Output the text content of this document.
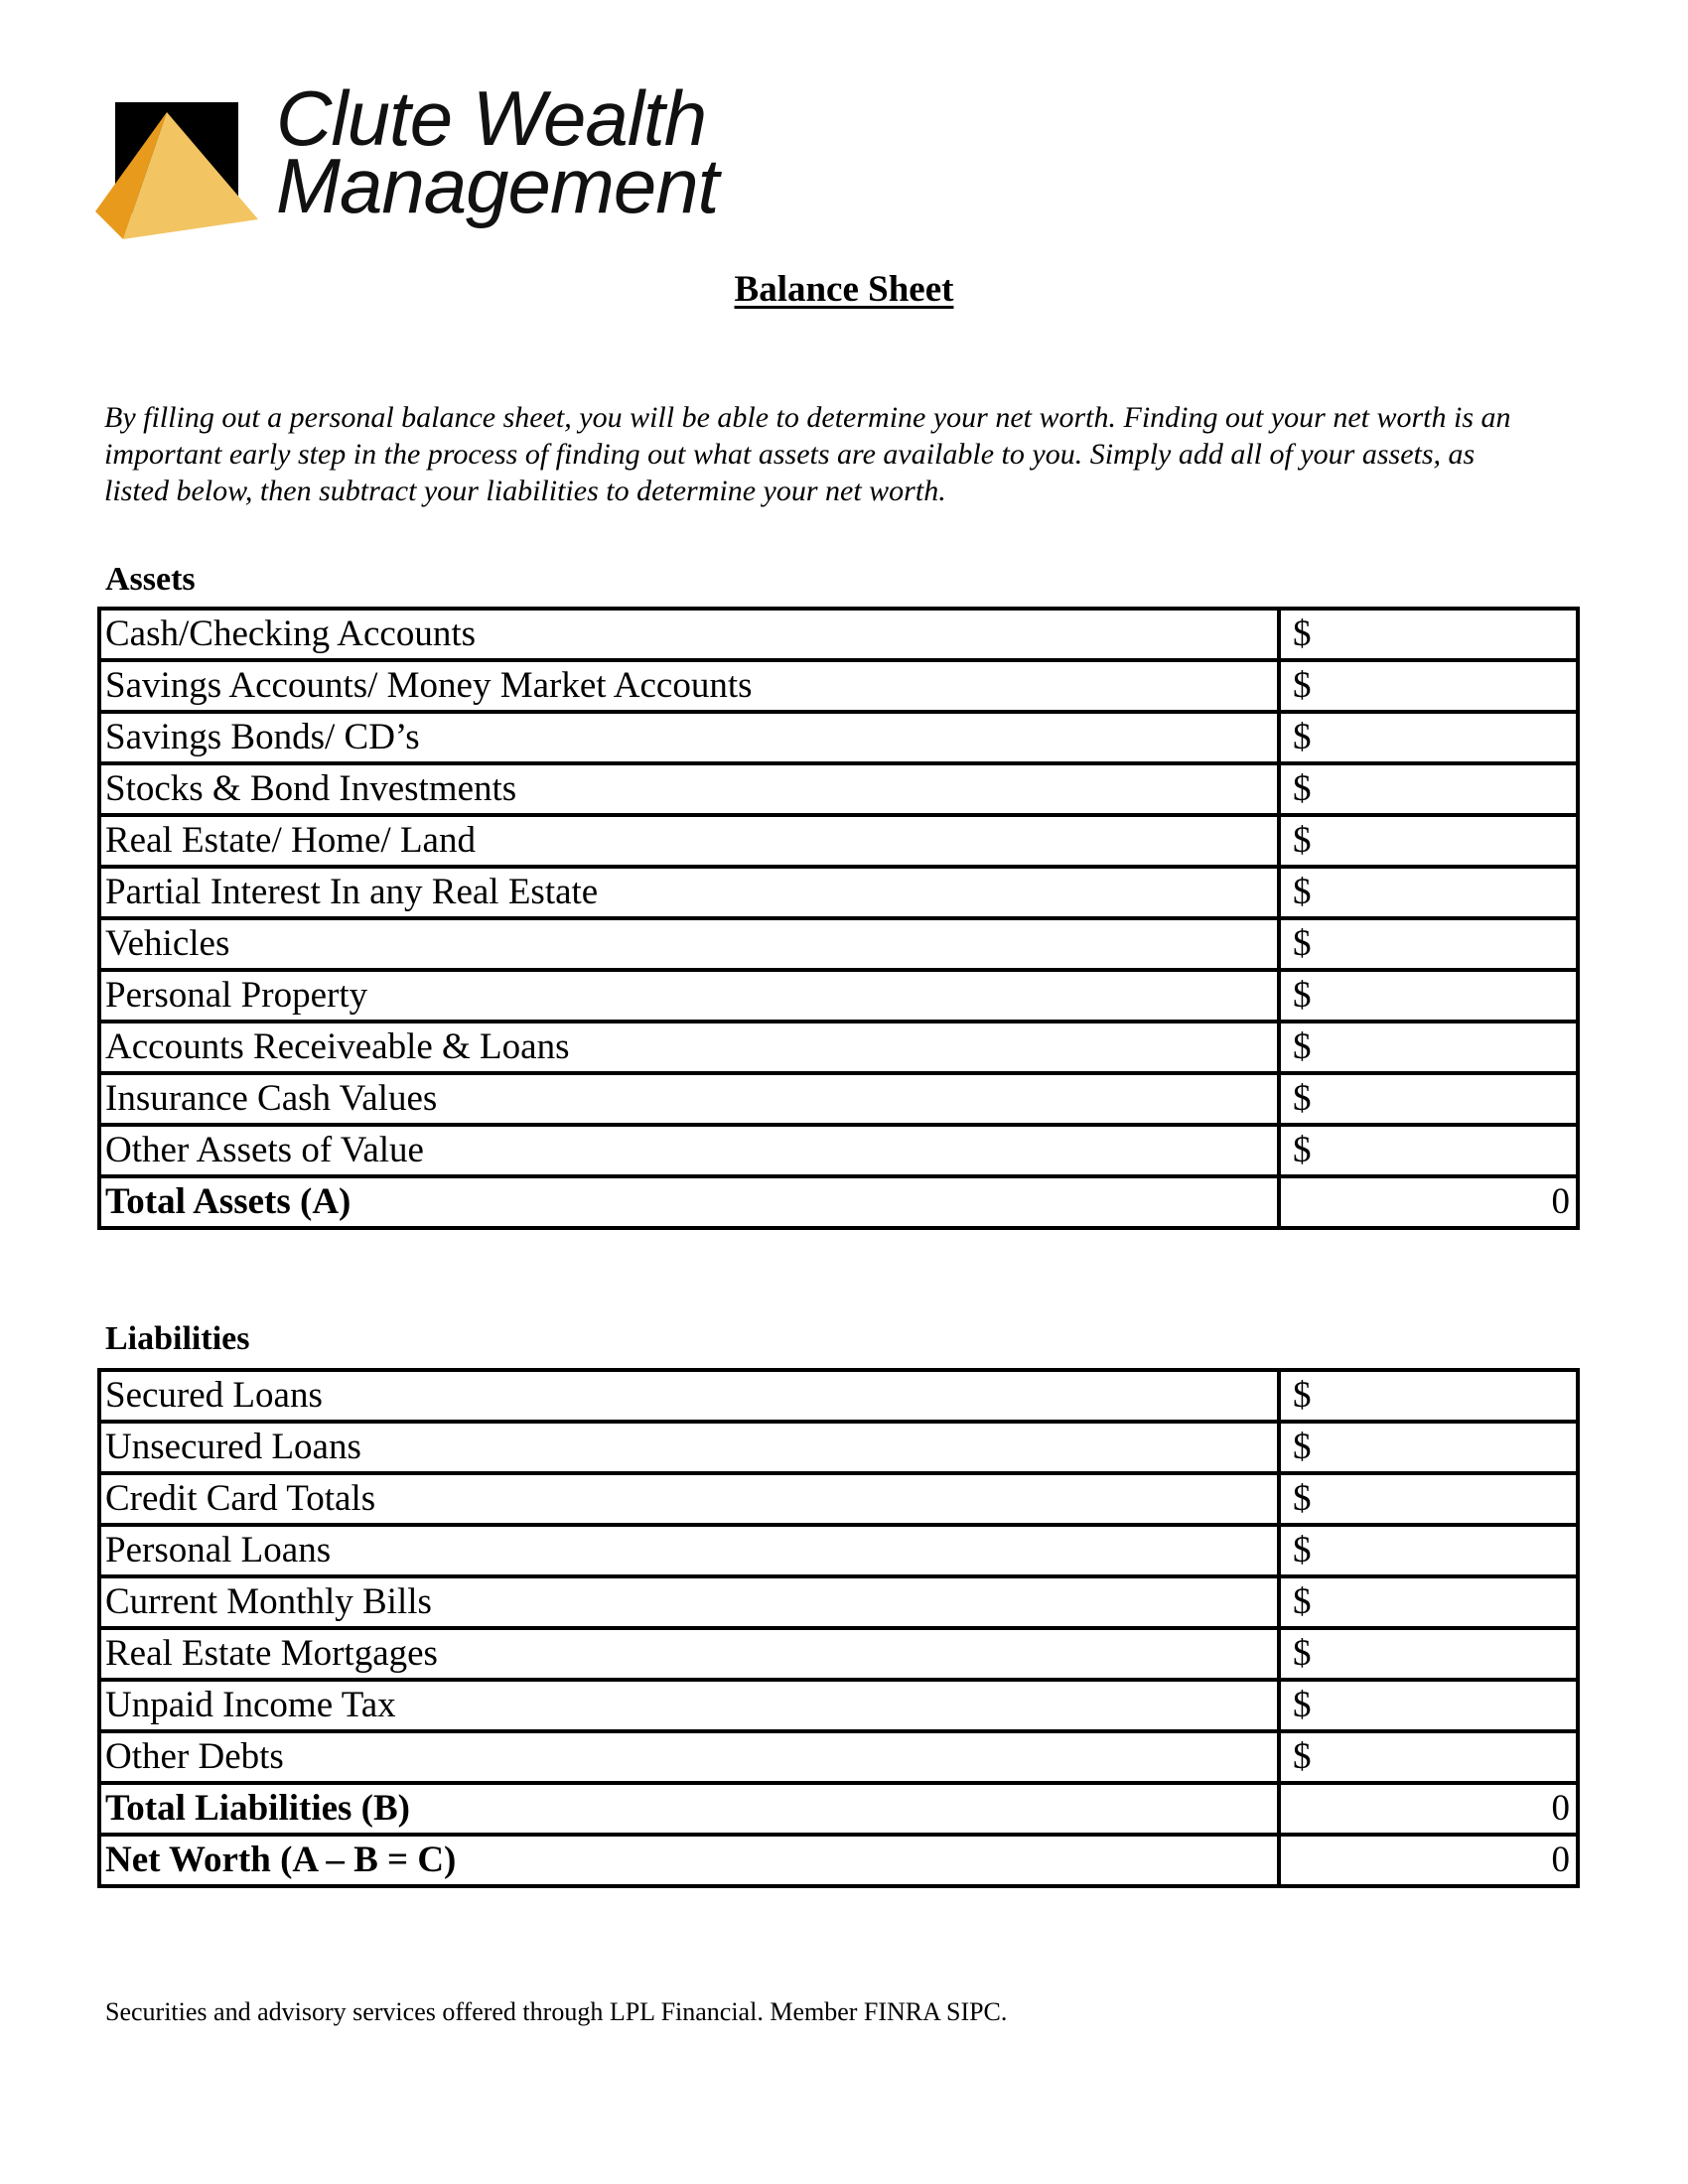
Clute Wealth
Management

Balance Sheet

By filling out a personal balance sheet, you will be able to determine your net worth. Finding out your net worth is an important early step in the process of finding out what assets are available to you. Simply add all of your assets, as listed below, then subtract your liabilities to determine your net worth.

Assets
Cash/Checking Accounts	$
Savings Accounts/ Money Market Accounts	$
Savings Bonds/ CD’s	$
Stocks & Bond Investments	$
Real Estate/ Home/ Land	$
Partial Interest In any Real Estate	$
Vehicles	$
Personal Property	$
Accounts Receiveable & Loans	$
Insurance Cash Values	$
Other Assets of Value	$
Total Assets (A)	0
Liabilities
Secured Loans	$
Unsecured Loans	$
Credit Card Totals	$
Personal Loans	$
Current Monthly Bills	$
Real Estate Mortgages	$
Unpaid Income Tax	$
Other Debts	$
Total Liabilities (B)	0
Net Worth (A – B = C)	0

Securities and advisory services offered through LPL Financial. Member FINRA SIPC.
